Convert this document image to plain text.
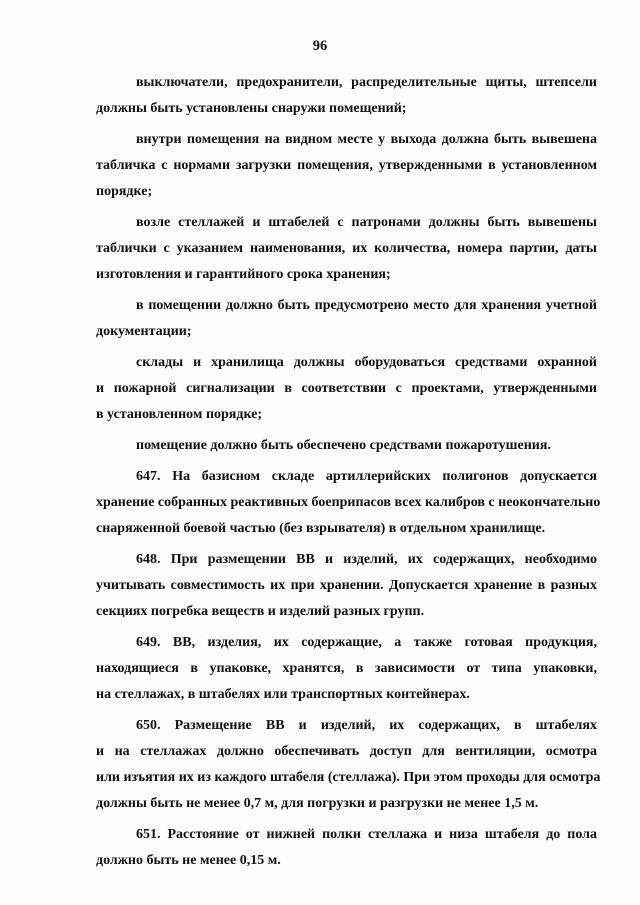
96

выключатели, предохранители, распределительные щиты, штепсели
должны быть установлены снаружи помещений;

внутри помещения на видном месте у выхода должна быть вывешена
табличка с нормами загрузки помещения, утвержденными в установленном
порядке;

возле стеллажей и штабелей с патронами должны быть вывешены
таблички с указанием наименования, их количества, номера партии, даты
изготовления и гарантийного срока хранения;

в помещении должно быть предусмотрено место для хранения учетной
документации;

склады и хранилища должны оборудоваться средствами охранной
и пожарной сигнализации в соответствии с проектами, утвержденными
в установленном порядке;

помещение должно быть обеспечено средствами пожаротушения.

647. На базисном складе артиллерийских полигонов допускается
хранение собранных реактивных боеприпасов всех калибров с неокончательно
снаряженной боевой частью (без взрывателя) в отдельном хранилище.

648. При размещении ВВ и изделий, их содержащих, необходимо
учитывать совместимость их при хранении. Допускается хранение в разных
секциях погребка веществ и изделий разных групп.

649. ВВ, изделия, их содержащие, а также готовая продукция,
находящиеся в упаковке, хранятся, в зависимости от типа упаковки,
на стеллажах, в штабелях или транспортных контейнерах.

650. Размещение ВВ и изделий, их содержащих, в штабелях
и на стеллажах должно обеспечивать доступ для вентиляции, осмотра
или изъятия их из каждого штабеля (стеллажа). При этом проходы для осмотра
должны быть не менее 0,7 м, для погрузки и разгрузки не менее 1,5 м.

651. Расстояние от нижней полки стеллажа и низа штабеля до пола
должно быть не менее 0,15 м.
